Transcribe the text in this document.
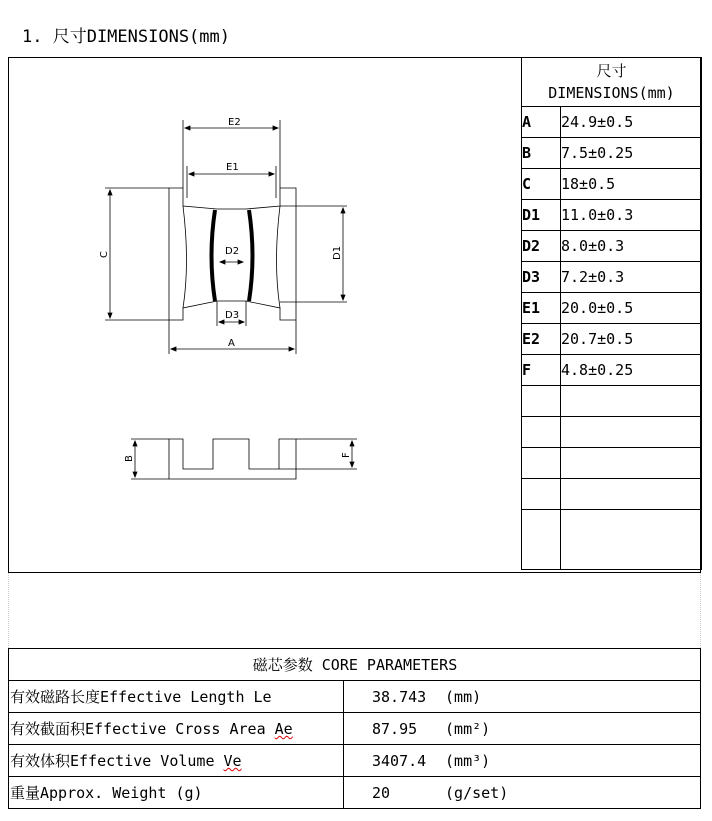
1. 尺寸DIMENSIONS(mm)
E2
E1
D2
D3
A
C	D1
B
F
尺寸
DIMENSIONS(mm)	

A	24.9±0.5
B	7.5±0.25
C	18±0.5
D1	11.0±0.3
D2	8.0±0.3
D3	7.2±0.3
E1	20.0±0.5
E2	20.7±0.5
F	4.8±0.25

磁芯参数 CORE PARAMETERS	
有效磁路长度Effective Length Le	38.743 (mm)
有效截面积Effective Cross Area Ae	87.95 (mm²)
有效体积Effective Volume Ve	3407.4 (mm³)
重量Approx. Weight (g)	20 (g/set)
